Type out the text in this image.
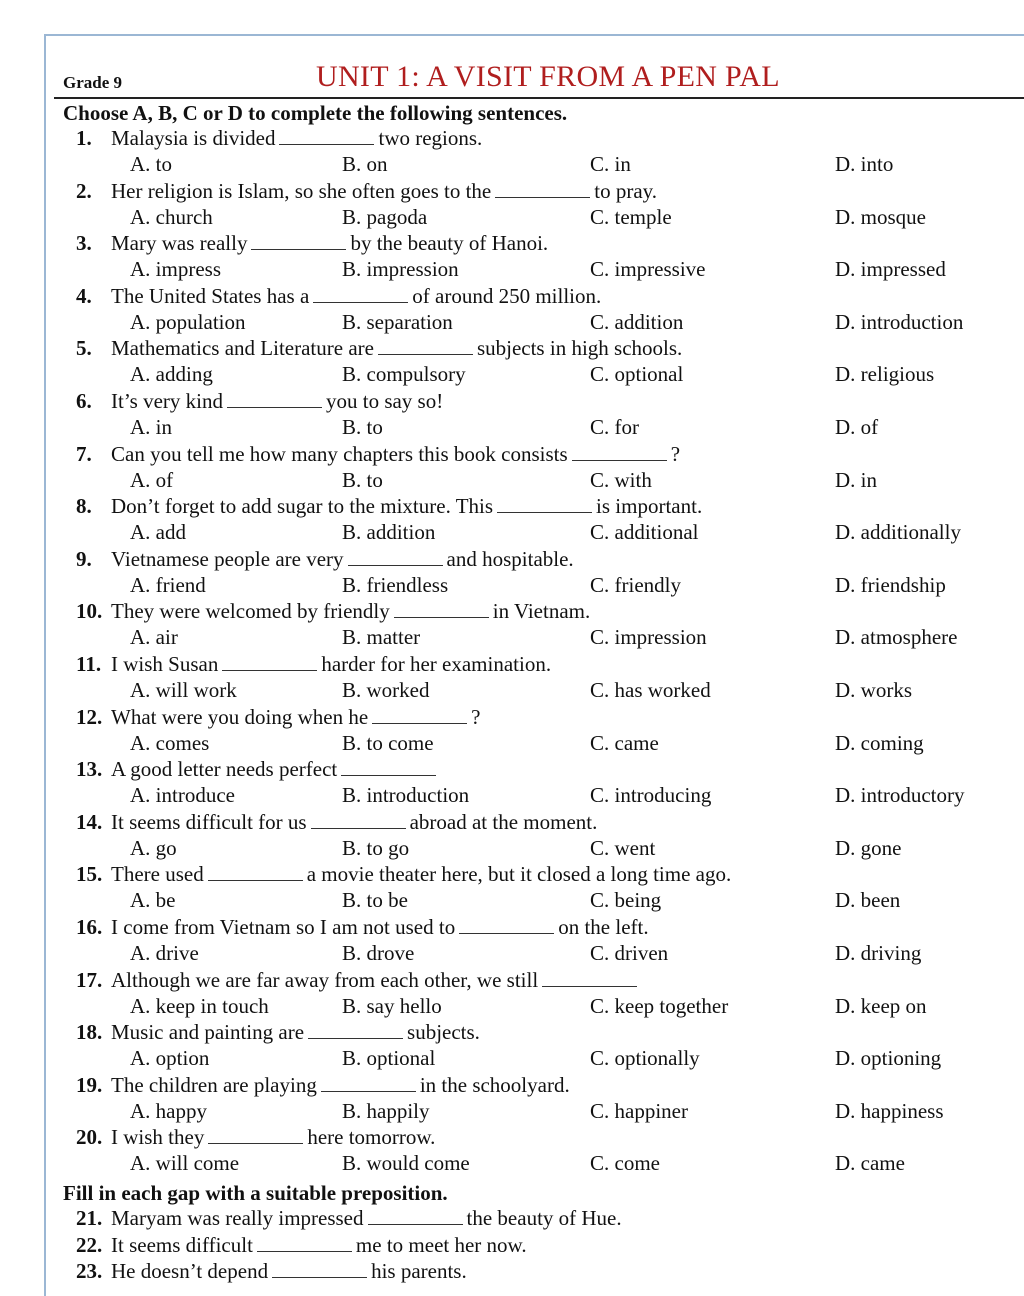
Grade 9	UNIT 1: A VISIT FROM A PEN PAL
Choose A, B, C or D to complete the following sentences.
1. Malaysia is divided	two regions.
A. to	B. on	C. in	D. into
2. Her religion is Islam, so she often goes to the	to pray.
A. church	B. pagoda	C. temple	D. mosque
3. Mary was really	by the beauty of Hanoi.
A. impress	B. impression	C. impressive	D. impressed
4. The United States has a	of around 250 million.
A. population	B. separation	C. addition	D. introduction
5. Mathematics and Literature are	subjects in high schools.
A. adding	B. compulsory	C. optional	D. religious
6. It’s very kind	you to say so!
A. in	B. to	C. for	D. of
7. Can you tell me how many chapters this book consists	?
A. of	B. to	C. with	D. in
8. Don’t forget to add sugar to the mixture. This	is important.
A. add	B. addition	C. additional	D. additionally
9. Vietnamese people are very	and hospitable.
A. friend	B. friendless	C. friendly	D. friendship
10. They were welcomed by friendly	in Vietnam.
A. air	B. matter	C. impression	D. atmosphere
11. I wish Susan	harder for her examination.
A. will work	B. worked	C. has worked	D. works
12. What were you doing when he	?
A. comes	B. to come	C. came	D. coming
13. A good letter needs perfect
A. introduce	B. introduction	C. introducing	D. introductory
14. It seems difficult for us	abroad at the moment.
A. go	B. to go	C. went	D. gone
15. There used	a movie theater here, but it closed a long time ago.
A. be	B. to be	C. being	D. been
16. I come from Vietnam so I am not used to	on the left.
A. drive	B. drove	C. driven	D. driving
17. Although we are far away from each other, we still
A. keep in touch	B. say hello	C. keep together	D. keep on
18. Music and painting are	subjects.
A. option	B. optional	C. optionally	D. optioning
19. The children are playing	in the schoolyard.
A. happy	B. happily	C. happiner	D. happiness
20. I wish they	here tomorrow.
A. will come	B. would come	C. come	D. came
Fill in each gap with a suitable preposition.
21. Maryam was really impressed	the beauty of Hue.
22. It seems difficult	me to meet her now.
23. He doesn’t depend	his parents.
